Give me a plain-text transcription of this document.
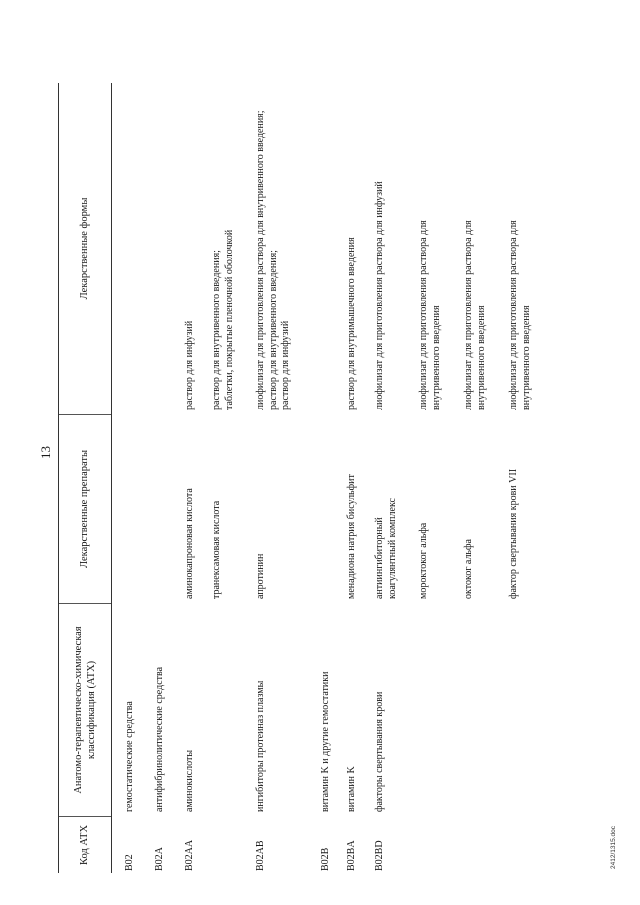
13
Код АТХ
Анатомо-терапевтическо-химическая классификация (АТХ)
Лекарственные препараты
Лекарственные формы
B02
гемостатические средства
B02A
антифибринолитические средства
B02AA
аминокислоты
аминокапроновая кислота
раствор для инфузий
транексамовая кислота
раствор для внутривенного введения; таблетки, покрытые пленочной оболочкой
B02AB
ингибиторы протеиназ плазмы
апротинин
лиофилизат для приготовления раствора для внутривенного введения; раствор для внутривенного введения; раствор для инфузий
B02B
витамин K и другие гемостатики
B02BA
витамин K
менадиона натрия бисульфит
раствор для внутримышечного введения
B02BD
факторы свертывания крови
антиингибиторный коагулянтный комплекс
лиофилизат для приготовления раствора для инфузий
мороктоког альфа
лиофилизат для приготовления раствора для внутривенного введения
октоког альфа
лиофилизат для приготовления раствора для внутривенного введения
фактор свертывания крови VII
лиофилизат для приготовления раствора для внутривенного введения
2412/1315.doc
